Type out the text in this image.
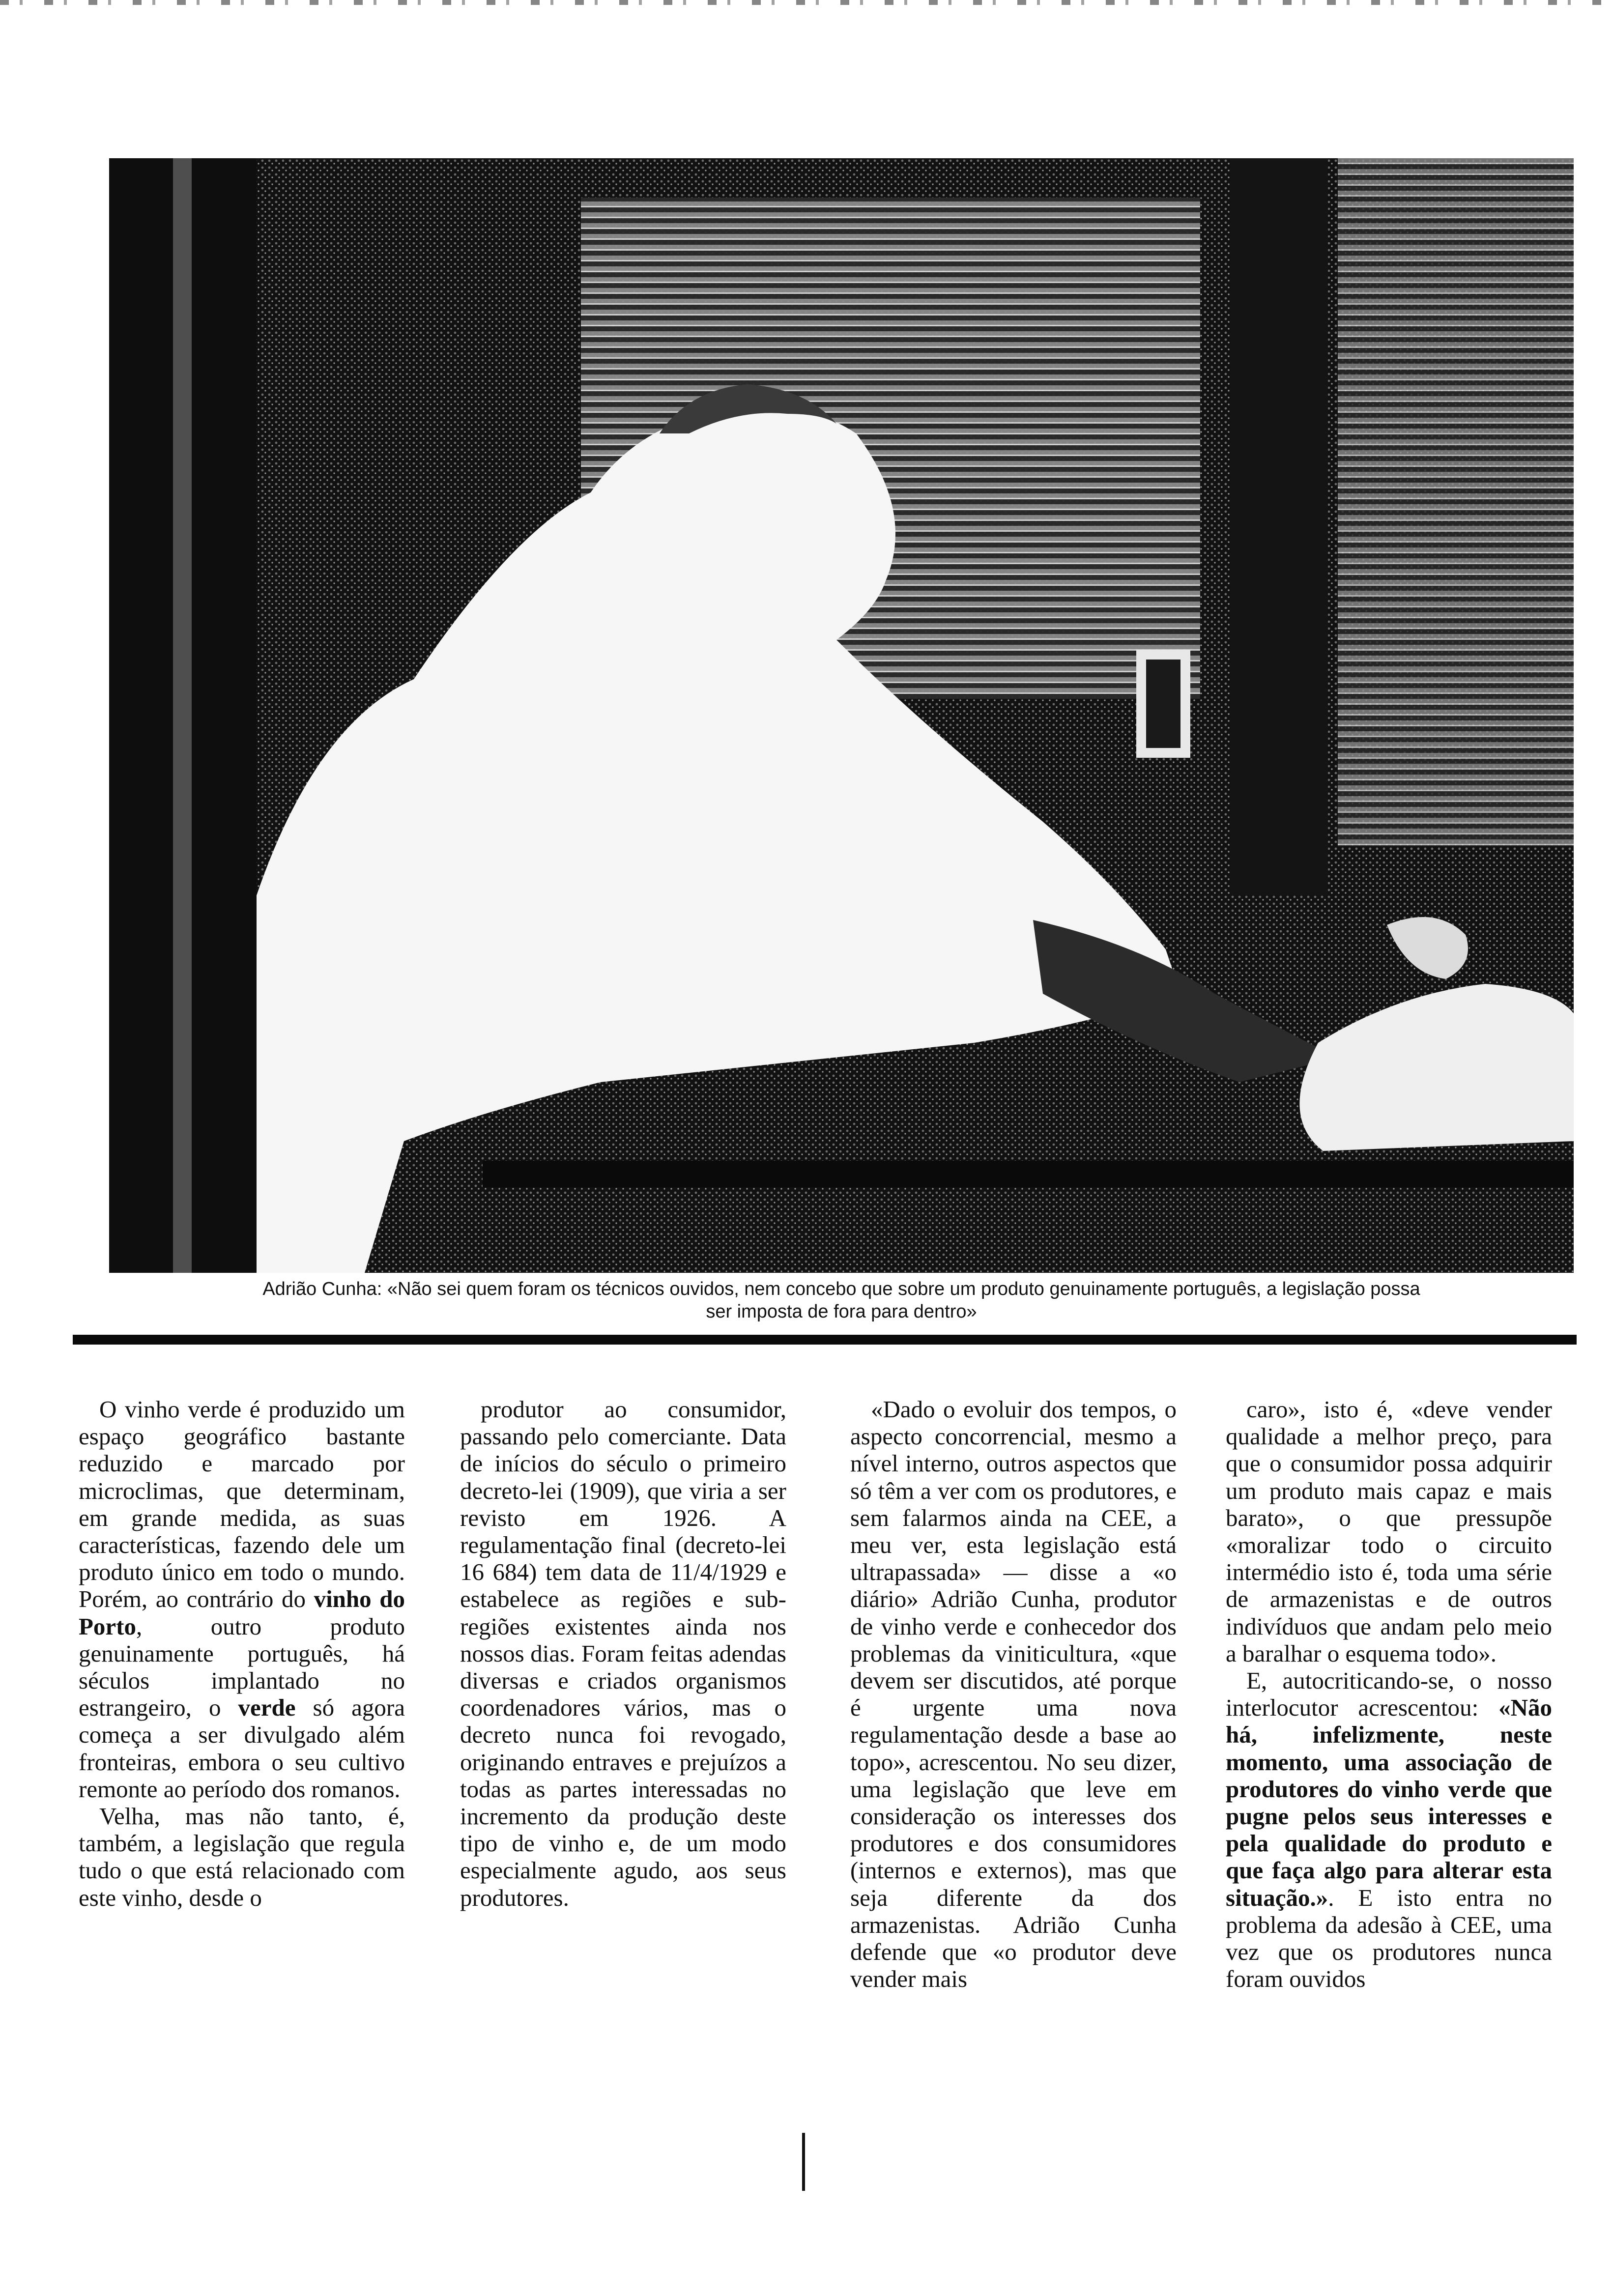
Adrião Cunha: «Não sei quem foram os técnicos ouvidos, nem concebo que sobre um produto genuinamente português, a legislação possa
ser imposta de fora para dentro»

O vinho verde é produzido um espaço geográfico bastante reduzido e marcado por microclimas, que determinam, em grande medida, as suas características, fazendo dele um produto único em todo o mundo. Porém, ao contrário do vinho do Porto, outro produto genuinamente português, há séculos implantado no estrangeiro, o verde só agora começa a ser divulgado além fronteiras, embora o seu cultivo remonte ao período dos romanos.

Velha, mas não tanto, é, também, a legislação que regula tudo o que está relacionado com este vinho, desde o

produtor ao consumidor, passando pelo comerciante. Data de inícios do século o primeiro decreto-lei (1909), que viria a ser revisto em 1926. A regulamentação final (decreto-lei 16 684) tem data de 11/4/1929 e estabelece as regiões e sub-regiões existentes ainda nos nossos dias. Foram feitas adendas diversas e criados organismos coordenadores vários, mas o decreto nunca foi revogado, originando entraves e prejuízos a todas as partes interessadas no incremento da produção deste tipo de vinho e, de um modo especialmente agudo, aos seus produtores.

«Dado o evoluir dos tempos, o aspecto concorrencial, mesmo a nível interno, outros aspectos que só têm a ver com os produtores, e sem falarmos ainda na CEE, a meu ver, esta legislação está ultrapassada» — disse a «o diário» Adrião Cunha, produtor de vinho verde e conhecedor dos problemas da viniticultura, «que devem ser discutidos, até porque é urgente uma nova regulamentação desde a base ao topo», acrescentou. No seu dizer, uma legislação que leve em consideração os interesses dos produtores e dos consumidores (internos e externos), mas que seja diferente da dos armazenistas. Adrião Cunha defende que «o produtor deve vender mais

caro», isto é, «deve vender qualidade a melhor preço, para que o consumidor possa adquirir um produto mais capaz e mais barato», o que pressupõe «moralizar todo o circuito intermédio isto é, toda uma série de armazenistas e de outros indivíduos que andam pelo meio a baralhar o esquema todo».

E, autocriticando-se, o nosso interlocutor acrescentou: «Não há, infelizmente, neste momento, uma associação de produtores do vinho verde que pugne pelos seus interesses e pela qualidade do produto e que faça algo para alterar esta situação.». E isto entra no problema da adesão à CEE, uma vez que os produtores nunca foram ouvidos
